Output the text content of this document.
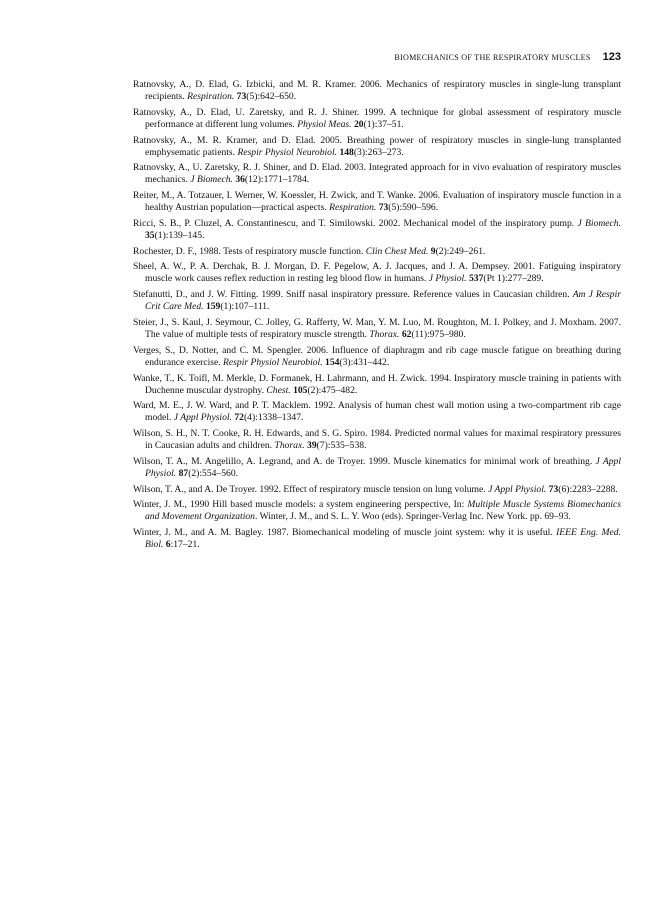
BIOMECHANICS OF THE RESPIRATORY MUSCLES 123
Ratnovsky, A., D. Elad, G. Izbicki, and M. R. Kramer. 2006. Mechanics of respiratory muscles in single-lung transplant recipients. Respiration. 73(5):642–650.
Ratnovsky, A., D. Elad, U. Zaretsky, and R. J. Shiner. 1999. A technique for global assessment of respiratory muscle performance at different lung volumes. Physiol Meas. 20(1):37–51.
Ratnovsky, A., M. R. Kramer, and D. Elad. 2005. Breathing power of respiratory muscles in single-lung transplanted emphysematic patients. Respir Physiol Neurobiol. 148(3):263–273.
Ratnovsky, A., U. Zaretsky, R. J. Shiner, and D. Elad. 2003. Integrated approach for in vivo evaluation of respiratory muscles mechanics. J Biomech. 36(12):1771–1784.
Reiter, M., A. Totzauer, I. Werner, W. Koessler, H. Zwick, and T. Wanke. 2006. Evaluation of inspiratory muscle function in a healthy Austrian population—practical aspects. Respiration. 73(5):590–596.
Ricci, S. B., P. Cluzel, A. Constantinescu, and T. Similowski. 2002. Mechanical model of the inspiratory pump. J Biomech. 35(1):139–145.
Rochester, D. F., 1988. Tests of respiratory muscle function. Clin Chest Med. 9(2):249–261.
Sheel, A. W., P. A. Derchak, B. J. Morgan, D. F. Pegelow, A. J. Jacques, and J. A. Dempsey. 2001. Fatiguing inspiratory muscle work causes reflex reduction in resting leg blood flow in humans. J Physiol. 537(Pt 1):277–289.
Stefanutti, D., and J. W. Fitting. 1999. Sniff nasal inspiratory pressure. Reference values in Caucasian children. Am J Respir Crit Care Med. 159(1):107–111.
Steier, J., S. Kaul, J. Seymour, C. Jolley, G. Rafferty, W. Man, Y. M. Luo, M. Roughton, M. I. Polkey, and J. Moxham. 2007. The value of multiple tests of respiratory muscle strength. Thorax. 62(11):975–980.
Verges, S., D. Notter, and C. M. Spengler. 2006. Influence of diaphragm and rib cage muscle fatigue on breathing during endurance exercise. Respir Physiol Neurobiol. 154(3):431–442.
Wanke, T., K. Toifl, M. Merkle, D. Formanek, H. Lahrmann, and H. Zwick. 1994. Inspiratory muscle training in patients with Duchenne muscular dystrophy. Chest. 105(2):475–482.
Ward, M. E., J. W. Ward, and P. T. Macklem. 1992. Analysis of human chest wall motion using a two-compartment rib cage model. J Appl Physiol. 72(4):1338–1347.
Wilson, S. H., N. T. Cooke, R. H. Edwards, and S. G. Spiro. 1984. Predicted normal values for maximal respiratory pressures in Caucasian adults and children. Thorax. 39(7):535–538.
Wilson, T. A., M. Angelillo, A. Legrand, and A. de Troyer. 1999. Muscle kinematics for minimal work of breathing. J Appl Physiol. 87(2):554–560.
Wilson, T. A., and A. De Troyer. 1992. Effect of respiratory muscle tension on lung volume. J Appl Physiol. 73(6):2283–2288.
Winter, J. M., 1990 Hill based muscle models: a system engineering perspective, In: Multiple Muscle Systems Biomechanics and Movement Organization. Winter, J. M., and S. L. Y. Woo (eds). Springer-Verlag Inc. New York. pp. 69–93.
Winter, J. M., and A. M. Bagley. 1987. Biomechanical modeling of muscle joint system: why it is useful. IEEE Eng. Med. Biol. 6:17–21.
